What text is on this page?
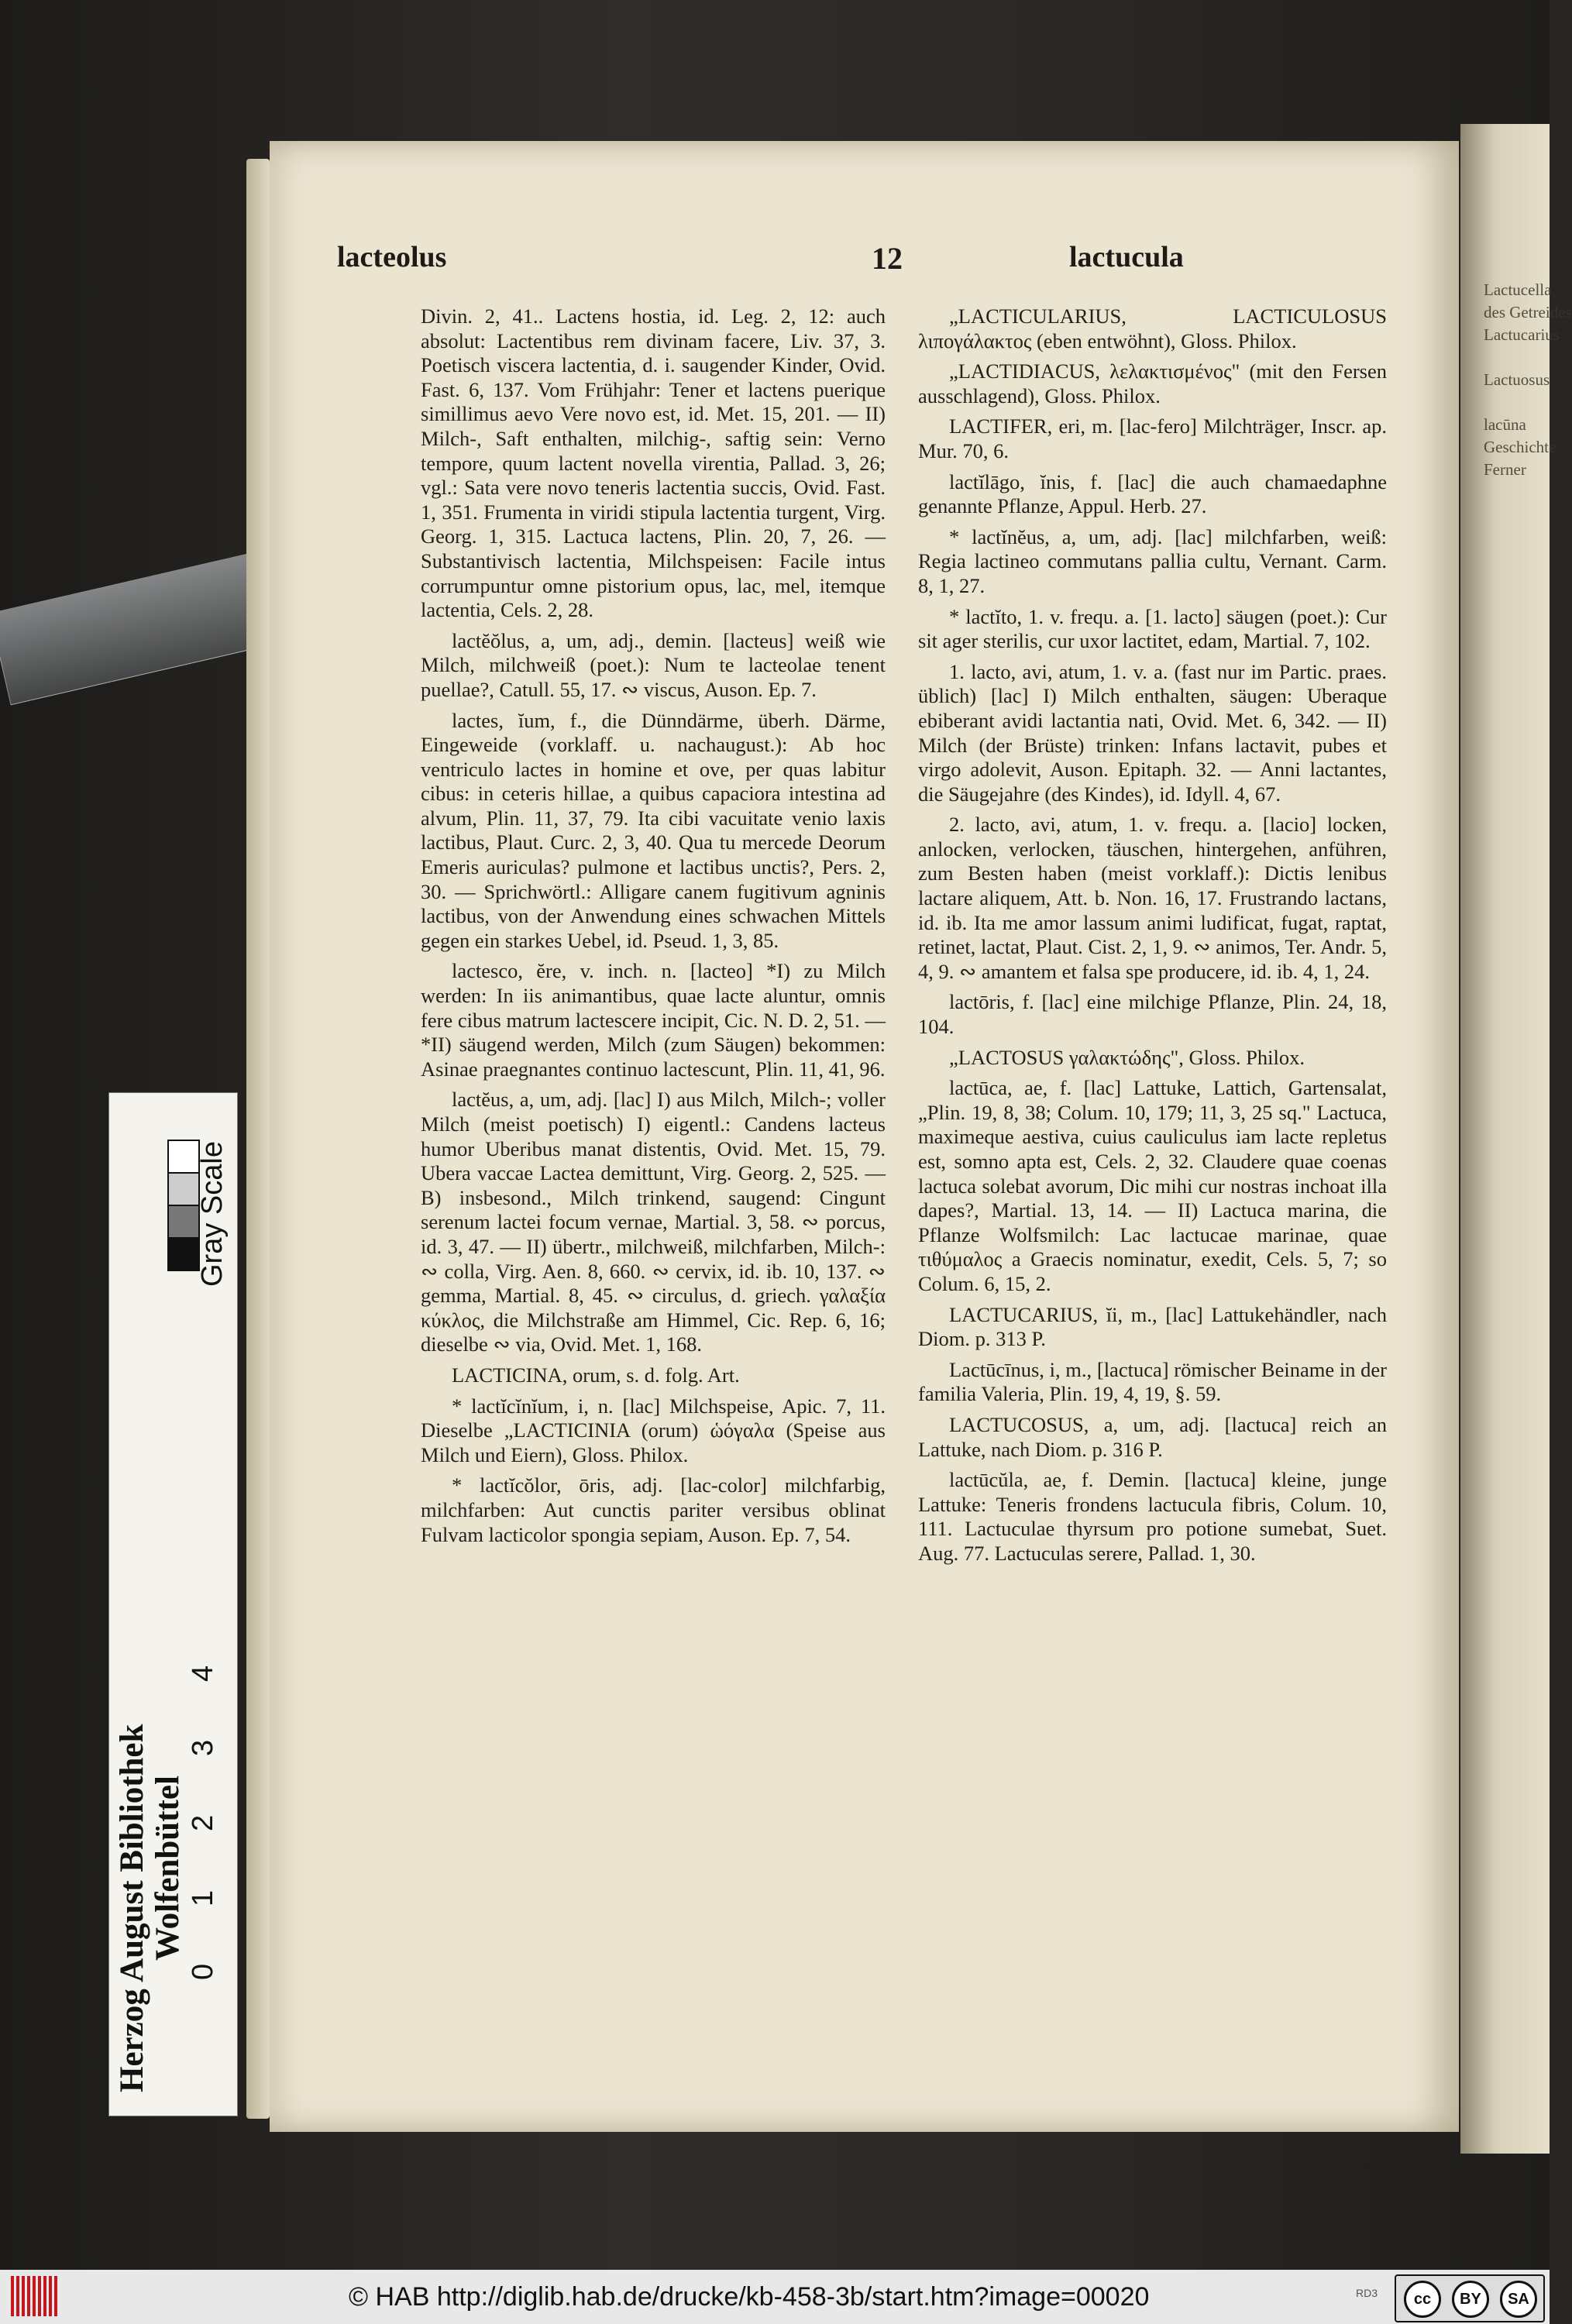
Lactucella
des Getreides
Lactucarius

Lactuosus

lacūna
Geschichte
Ferner

lacteolus	12	lactucula

Divin. 2, 41.. Lactens hostia, id. Leg. 2, 12: auch absolut: Lactentibus rem divinam facere, Liv. 37, 3. Poetisch viscera lactentia, d. i. saugender Kinder, Ovid. Fast. 6, 137. Vom Frühjahr: Tener et lactens puerique simillimus aevo Vere novo est, id. Met. 15, 201. — II) Milch-, Saft enthalten, milchig-, saftig sein: Verno tempore, quum lactent novella virentia, Pallad. 3, 26; vgl.: Sata vere novo teneris lactentia succis, Ovid. Fast. 1, 351. Frumenta in viridi stipula lactentia turgent, Virg. Georg. 1, 315. Lactuca lactens, Plin. 20, 7, 26. — Substantivisch lactentia, Milchspeisen: Facile intus corrumpuntur omne pistorium opus, lac, mel, itemque lactentia, Cels. 2, 28.

lactĕŏlus, a, um, adj., demin. [lacteus] weiß wie Milch, milchweiß (poet.): Num te lacteolae tenent puellae?, Catull. 55, 17. ∾ viscus, Auson. Ep. 7.

lactes, ĭum, f., die Dünndärme, überh. Därme, Eingeweide (vorklaff. u. nachaugust.): Ab hoc ventriculo lactes in homine et ove, per quas labitur cibus: in ceteris hillae, a quibus capaciora intestina ad alvum, Plin. 11, 37, 79. Ita cibi vacuitate venio laxis lactibus, Plaut. Curc. 2, 3, 40. Qua tu mercede Deorum Emeris auriculas? pulmone et lactibus unctis?, Pers. 2, 30. — Sprichwörtl.: Alligare canem fugitivum agninis lactibus, von der Anwendung eines schwachen Mittels gegen ein starkes Uebel, id. Pseud. 1, 3, 85.

lactesco, ĕre, v. inch. n. [lacteo] *I) zu Milch werden: In iis animantibus, quae lacte aluntur, omnis fere cibus matrum lactescere incipit, Cic. N. D. 2, 51. — *II) säugend werden, Milch (zum Säugen) bekommen: Asinae praegnantes continuo lactescunt, Plin. 11, 41, 96.

lactĕus, a, um, adj. [lac] I) aus Milch, Milch-; voller Milch (meist poetisch) I) eigentl.: Candens lacteus humor Uberibus manat distentis, Ovid. Met. 15, 79. Ubera vaccae Lactea demittunt, Virg. Georg. 2, 525. — B) insbesond., Milch trinkend, saugend: Cingunt serenum lactei focum vernae, Martial. 3, 58. ∾ porcus, id. 3, 47. — II) übertr., milchweiß, milchfarben, Milch-: ∾ colla, Virg. Aen. 8, 660. ∾ cervix, id. ib. 10, 137. ∾ gemma, Martial. 8, 45. ∾ circulus, d. griech. γαλαξία κύκλος, die Milchstraße am Himmel, Cic. Rep. 6, 16; dieselbe ∾ via, Ovid. Met. 1, 168.

LACTICINA, orum, s. d. folg. Art.

* lactĭcĭnĭum, i, n. [lac] Milchspeise, Apic. 7, 11. Dieselbe „LACTICINIA (orum) ὡόγαλα (Speise aus Milch und Eiern), Gloss. Philox.

* lactĭcŏlor, ōris, adj. [lac-color] milchfarbig, milchfarben: Aut cunctis pariter versibus oblinat Fulvam lacticolor spongia sepiam, Auson. Ep. 7, 54.

„LACTICULARIUS, LACTICULOSUS λιπογάλακτος (eben entwöhnt), Gloss. Philox.

„LACTIDIACUS, λελακτισμένος" (mit den Fersen ausschlagend), Gloss. Philox.

LACTIFER, eri, m. [lac-fero] Milchträger, Inscr. ap. Mur. 70, 6.

lactĭlāgo, ĭnis, f. [lac] die auch chamaedaphne genannte Pflanze, Appul. Herb. 27.

* lactĭnĕus, a, um, adj. [lac] milchfarben, weiß: Regia lactineo commutans pallia cultu, Vernant. Carm. 8, 1, 27.

* lactĭto, 1. v. frequ. a. [1. lacto] säugen (poet.): Cur sit ager sterilis, cur uxor lactitet, edam, Martial. 7, 102.

1. lacto, avi, atum, 1. v. a. (fast nur im Partic. praes. üblich) [lac] I) Milch enthalten, säugen: Uberaque ebiberant avidi lactantia nati, Ovid. Met. 6, 342. — II) Milch (der Brüste) trinken: Infans lactavit, pubes et virgo adolevit, Auson. Epitaph. 32. — Anni lactantes, die Säugejahre (des Kindes), id. Idyll. 4, 67.

2. lacto, avi, atum, 1. v. frequ. a. [lacio] locken, anlocken, verlocken, täuschen, hintergehen, anführen, zum Besten haben (meist vorklaff.): Dictis lenibus lactare aliquem, Att. b. Non. 16, 17. Frustrando lactans, id. ib. Ita me amor lassum animi ludificat, fugat, raptat, retinet, lactat, Plaut. Cist. 2, 1, 9. ∾ animos, Ter. Andr. 5, 4, 9. ∾ amantem et falsa spe producere, id. ib. 4, 1, 24.

lactōris, f. [lac] eine milchige Pflanze, Plin. 24, 18, 104.

„LACTOSUS γαλακτώδης", Gloss. Philox.

lactūca, ae, f. [lac] Lattuke, Lattich, Gartensalat, „Plin. 19, 8, 38; Colum. 10, 179; 11, 3, 25 sq." Lactuca, maximeque aestiva, cuius cauliculus iam lacte repletus est, somno apta est, Cels. 2, 32. Claudere quae coenas lactuca solebat avorum, Dic mihi cur nostras inchoat illa dapes?, Martial. 13, 14. — II) Lactuca marina, die Pflanze Wolfsmilch: Lac lactucae marinae, quae τιθύμαλος a Graecis nominatur, exedit, Cels. 5, 7; so Colum. 6, 15, 2.

LACTUCARIUS, ĭi, m., [lac] Lattukehändler, nach Diom. p. 313 P.

Lactūcīnus, i, m., [lactuca] römischer Beiname in der familia Valeria, Plin. 19, 4, 19, §. 59.

LACTUCOSUS, a, um, adj. [lactuca] reich an Lattuke, nach Diom. p. 316 P.

lactūcŭla, ae, f. Demin. [lactuca] kleine, junge Lattuke: Teneris frondens lactucula fibris, Colum. 10, 111. Lactuculae thyrsum pro potione sumebat, Suet. Aug. 77. Lactuculas serere, Pallad. 1, 30.

Gray Scale
0
1
2
3
4
Herzog August Bibliothek Wolfenbüttel
© HAB http://diglib.hab.de/drucke/kb-458-3b/start.htm?image=00020	RD3	cc	BY	SA
